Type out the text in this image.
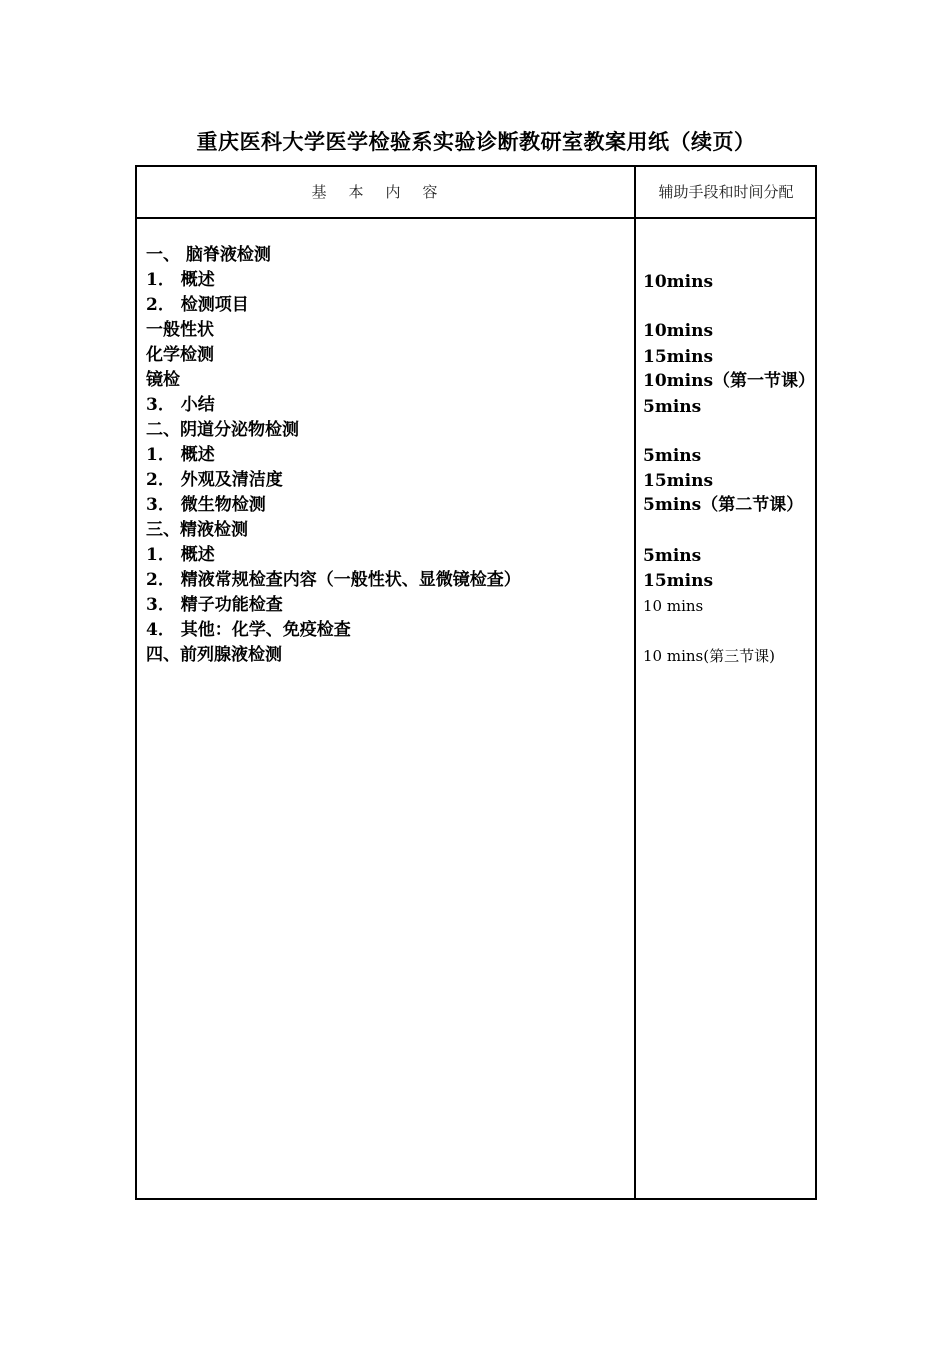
重庆医科大学医学检验系实验诊断教研室教案用纸（续页）
基本内容	辅助手段和时间分配
一、 脑脊液检测
1． 概述
2． 检测项目
一般性状
化学检测
镜检
3． 小结
二、阴道分泌物检测
1． 概述
2． 外观及清洁度
3． 微生物检测
三、精液检测
1． 概述
2． 精液常规检查内容（一般性状、显微镜检查）
3． 精子功能检查
4． 其他：化学、免疫检查
四、前列腺液检测
10mins
10mins
15mins
10mins（第一节课）
5mins
5mins
15mins
5mins（第二节课）
5mins
15mins
10 mins
10 mins(第三节课)
